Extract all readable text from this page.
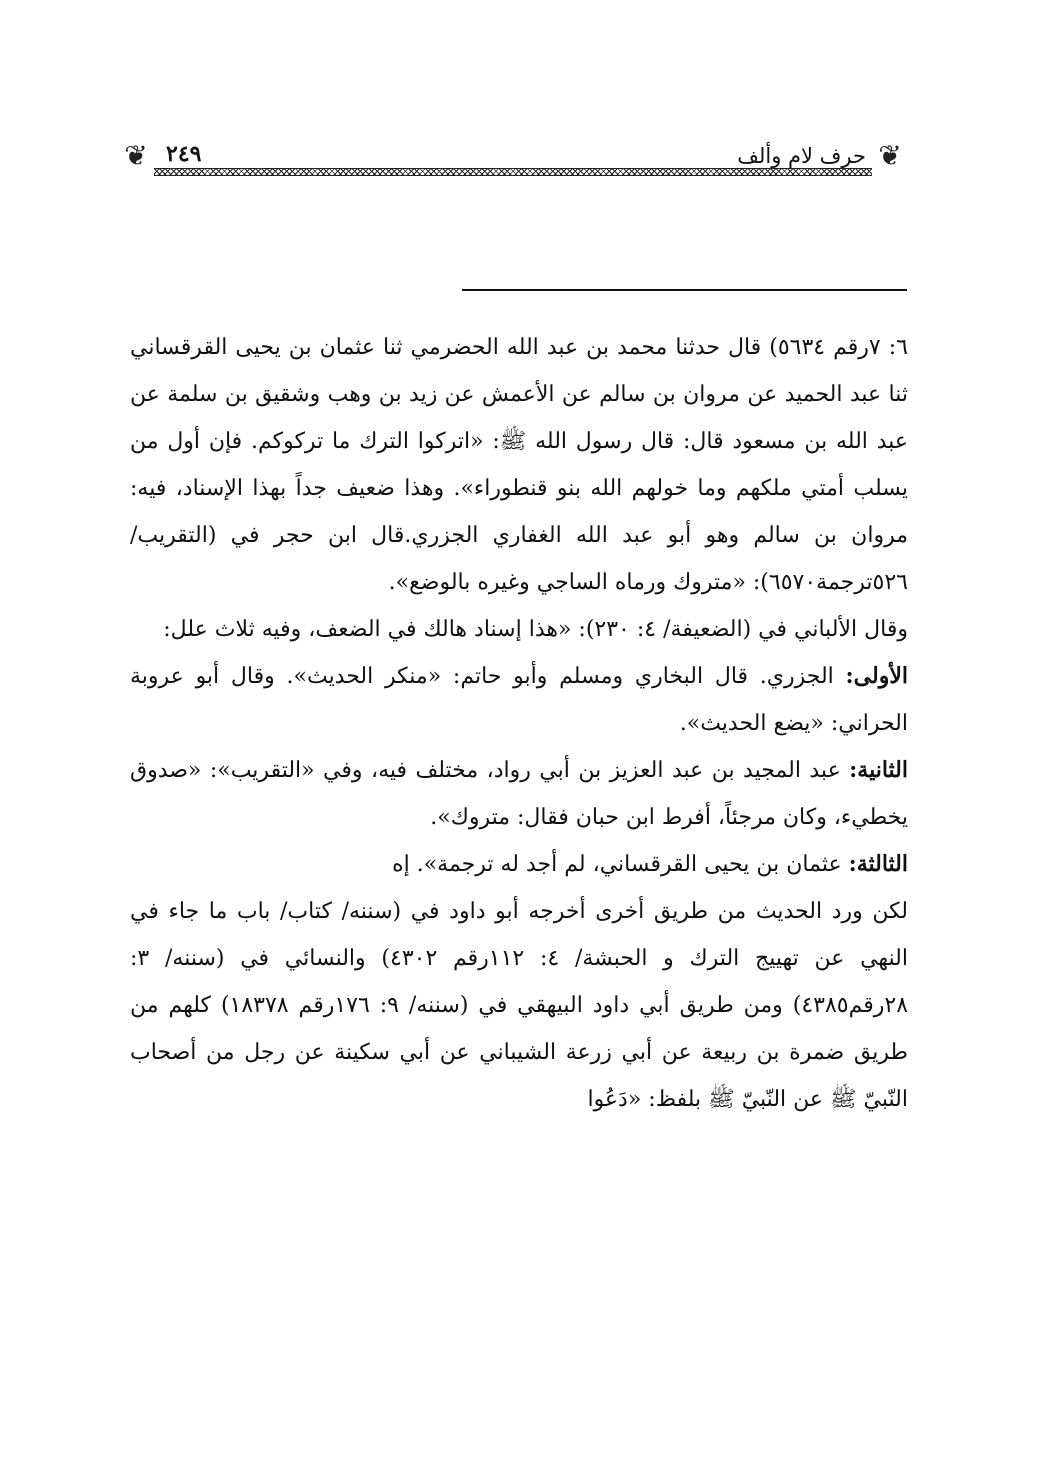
❦
حرف لام وألف
٢٤٩
❦

٦: ٧رقم ٥٦٣٤) قال حدثنا محمد بن عبد الله الحضرمي ثنا عثمان بن يحيى القرقساني ثنا عبد الحميد عن مروان بن سالم عن الأعمش عن زيد بن وهب وشقيق بن سلمة عن عبد الله بن مسعود قال: قال رسول الله ﷺ: «اتركوا الترك ما تركوكم. فإن أول من يسلب أمتي ملكهم وما خولهم الله بنو قنطوراء». وهذا ضعيف جداً بهذا الإسناد، فيه: مروان بن سالم وهو أبو عبد الله الغفاري الجزري.قال ابن حجر في (التقريب/ ٥٢٦ترجمة٦٥٧٠): «متروك ورماه الساجي وغيره بالوضع».

وقال الألباني في (الضعيفة/ ٤: ٢٣٠): «هذا إسناد هالك في الضعف، وفيه ثلاث علل:

الأولى: الجزري. قال البخاري ومسلم وأبو حاتم: «منكر الحديث». وقال أبو عروبة الحراني: «يضع الحديث».

الثانية: عبد المجيد بن عبد العزيز بن أبي رواد، مختلف فيه، وفي «التقريب»: «صدوق يخطيء، وكان مرجئاً، أفرط ابن حبان فقال: متروك».

الثالثة: عثمان بن يحيى القرقساني، لم أجد له ترجمة». إه

لكن ورد الحديث من طريق أخرى أخرجه أبو داود في (سننه/ كتاب/ باب ما جاء في النهي عن تهييج الترك و الحبشة/ ٤: ١١٢رقم ٤٣٠٢) والنسائي في (سننه/ ٣: ٢٨رقم٤٣٨٥) ومن طريق أبي داود البيهقي في (سننه/ ٩: ١٧٦رقم ١٨٣٧٨) كلهم من طريق ضمرة بن ربيعة عن أبي زرعة الشيباني عن أبي سكينة عن رجل من أصحاب النّبيّ ﷺ عن النّبيّ ﷺ بلفظ: «دَعُوا
